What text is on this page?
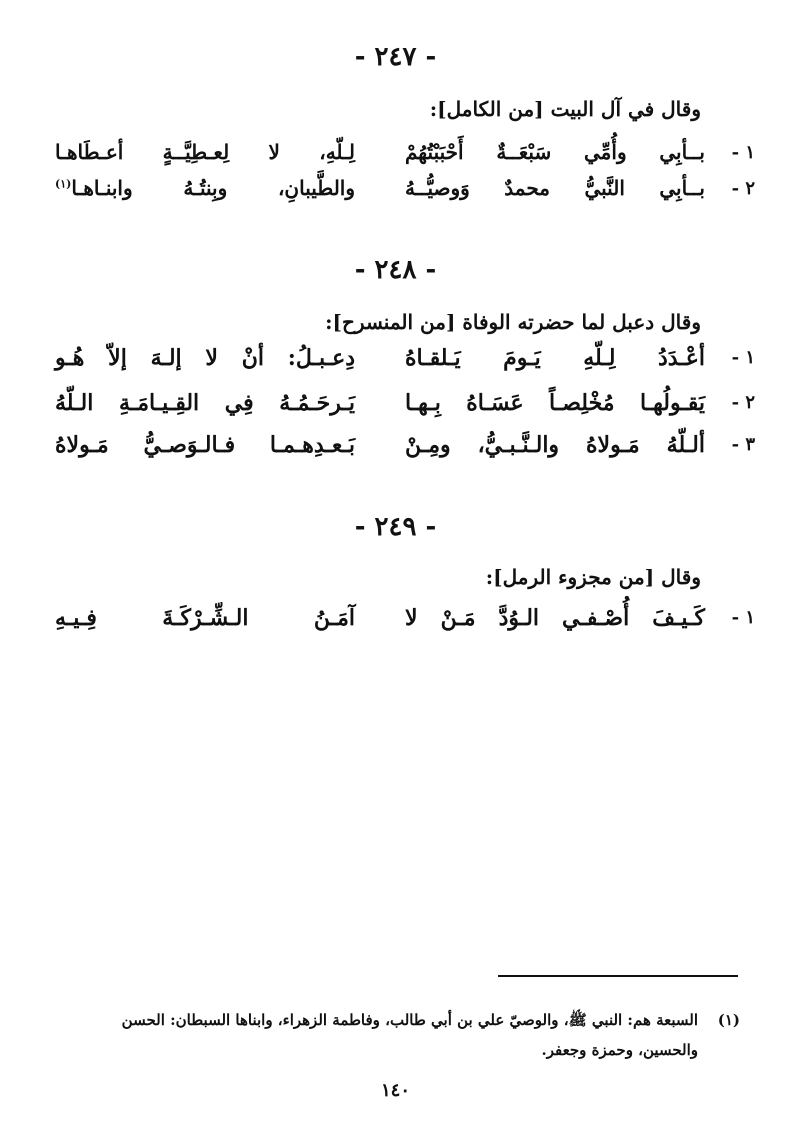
- ٢٤٧ -
وقال في آل البيت [من الكامل]:
١ -
بــأبِي وأُمِّي سَبْعَــةٌ أَحْبَبْتُهُمْ
لِـلّهِ، لا لِعـطِيَّــةٍ أعـطَاهـا
٢ -
بــأبِي النَّبيُّ محمدٌ وَوصيُّــهُ
والطَّيبانِ، وبِنتُـهُ وابنـاهـا$^{(١)}$
- ٢٤٨ -
وقال دعبل لما حضرته الوفاة [من المنسرح]:
١ -
أعْـدَدُ لِـلّهِ يَـومَ يَـلقـاهُ
دِعـبـلُ: أنْ لا إلـهَ إلاّ هُـو
٢ -
يَقـولُهـا مُخْلِصـاً عَسَـاهُ بِـهـا
يَـرحَـمُـهُ فِي القِـيـامَـةِ الـلّهُ
٣ -
ألـلّهُ مَـولاهُ والـنَّـبـيُّ، ومِـنْ
بَـعـدِهـمـا فـالـوَصـيُّ مَـولاهُ
- ٢٤٩ -
وقال [من مجزوء الرمل]:
١ -
كَـيـفَ أُصْـفـي الـوُدَّ مَـنْ لا
آمَـنُ الـشِّـرْكَـةَ فِـيـهِ
(١)السبعة هم: النبي ﷺ، والوصيّ علي بن أبي طالب، وفاطمة الزهراء، وابناها السبطان: الحسن
والحسين، وحمزة وجعفر.
١٤٠
